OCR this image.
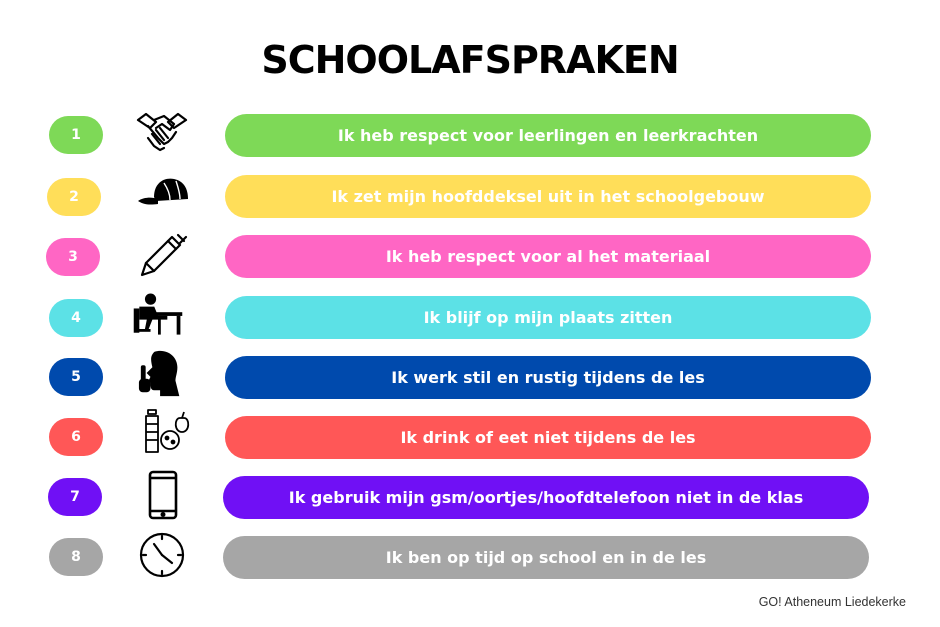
SCHOOLAFSPRAKEN
1	Ik heb respect voor leerlingen en leerkrachten
2	Ik zet mijn hoofddeksel uit in het schoolgebouw
3	Ik heb respect voor al het materiaal
4	Ik blijf op mijn plaats zitten
5	Ik werk stil en rustig tijdens de les
6	Ik drink of eet niet tijdens de les
7	Ik gebruik mijn gsm/oortjes/hoofdtelefoon niet in de klas
8	Ik ben op tijd op school en in de les
GO! Atheneum Liedekerke
